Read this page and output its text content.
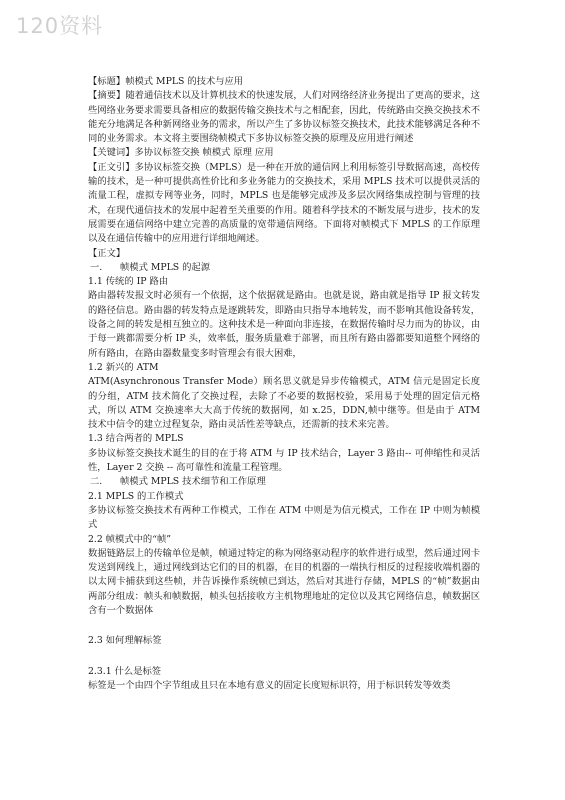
120资料

【标题】帧模式 MPLS 的技术与应用

【摘要】随着通信技术以及计算机技术的快速发展，人们对网络经济业务提出了更高的要求，这些网络业务要求需要具备相应的数据传输交换技术与之相配套，因此，传统路由交换交换技术不能充分地满足各种新网络业务的需求，所以产生了多协议标签交换技术，此技术能够满足各种不同的业务需求。本文将主要围绕帧模式下多协议标签交换的原理及应用进行阐述

【关键词】多协议标签交换 帧模式 原理 应用

【正文引】多协议标签交换（MPLS）是一种在开放的通信网上利用标签引导数据高速，高校传输的技术，是一种可提供高性价比和多业务能力的交换技术，采用 MPLS 技术可以提供灵活的流量工程，虚拟专网等业务，同时，MPLS 也是能够完成涉及多层次网络集成控制与管理的技术，在现代通信技术的发展中起着至关重要的作用。随着科学技术的不断发展与进步，技术的发展需要在通信网络中建立完善的高质量的宽带通信网络。下面将对帧模式下 MPLS 的工作原理以及在通信传输中的应用进行详细地阐述。

【正文】

一.      帧模式 MPLS 的起源

1.1 传统的 IP 路由

路由器转发报文时必须有一个依据，这个依据就是路由。也就是说，路由就是指导 IP 报文转发的路径信息。路由器的转发特点是逐跳转发，即路由只指导本地转发，而不影响其他设备转发，设备之间的转发是相互独立的。这种技术是一种面向非连接，在数据传输时尽力而为的协议，由于每一跳都需要分析 IP 头，效率低，服务质量难于部署，而且所有路由器都要知道整个网络的所有路由，在路由器数量变多时管理会有很大困难，

1.2 新兴的 ATM

ATM(Asynchronous Transfer Mode）顾名思义就是异步传输模式，ATM 信元是固定长度的分组，ATM 技术简化了交换过程，去除了不必要的数据校验，采用易于处理的固定信元格式，所以 ATM 交换速率大大高于传统的数据网，如 x.25，DDN,帧中继等。但是由于 ATM 技术中信令的建立过程复杂，路由灵活性差等缺点，还需新的技术来完善。

1.3 结合两者的 MPLS

多协议标签交换技术诞生的目的在于将 ATM 与 IP 技术结合，Layer 3 路由-- 可伸缩性和灵活性，Layer 2 交换 -- 高可靠性和流量工程管理。

二.      帧模式 MPLS 技术细节和工作原理

2.1 MPLS 的工作模式

多协议标签交换技术有两种工作模式，工作在 ATM 中则是为信元模式，工作在 IP 中则为帧模式

2.2 帧模式中的“帧”

数据链路层上的传输单位是帧，帧通过特定的称为网络驱动程序的软件进行成型，然后通过网卡发送到网线上，通过网线到达它们的目的机器，在目的机器的一端执行相反的过程接收端机器的以太网卡捕获到这些帧，并告诉操作系统帧已到达，然后对其进行存储，MPLS 的“帧”数据由两部分组成：帧头和帧数据，帧头包括接收方主机物理地址的定位以及其它网络信息，帧数据区含有一个数据体

2.3 如何理解标签

2.3.1 什么是标签

标签是一个由四个字节组成且只在本地有意义的固定长度短标识符，用于标识转发等效类
